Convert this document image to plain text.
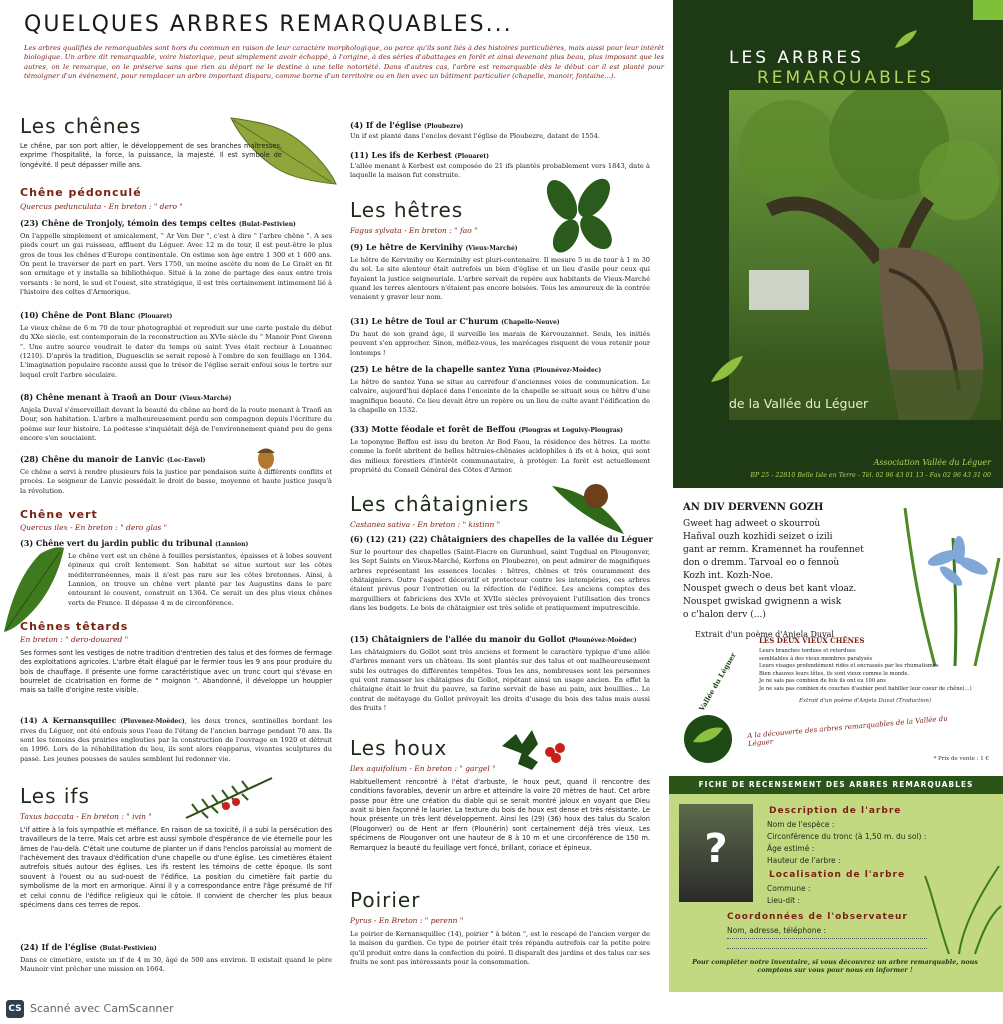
QUELQUES ARBRES REMARQUABLES...
Les arbres qualifiés de remarquables sont hors du commun en raison de leur caractère morphologique, ou parce qu'ils sont liés à des histoires particulières, mais aussi pour leur intérêt biologique. Un arbre dit remarquable, voire historique, peut simplement avoir échappé, à l'origine, à des séries d'abattages en forêt et ainsi devenant plus beau, plus imposant que les autres, on le remarque, on le préserve sans que rien au départ ne le destine à une telle notoriété. Dans d'autres cas, l'arbre est remarquable dès le début car il est planté pour témoigner d'un événement, pour remplacer un arbre important disparu, comme borne d'un territoire ou en lien avec un bâtiment particulier (chapelle, manoir, fontaine...).
Les chênes
Le chêne, par son port altier, le développement de ses branches maîtresses, exprime l'hospitalité, la force, la puissance, la majesté. Il est symbole de longévité. Il peut dépasser mille ans.
Chêne pédonculé
Quercus pedunculata - En breton : " dero "
(23) Chêne de Tronjoly, témoin des temps celtes (Bulat-Pestivien)
On l'appelle simplement et amicalement, " Ar Ven Der ", c'est à dire " l'arbre chêne ". A ses pieds court un gai ruisseau, affluent du Léguer. Avec 12 m de tour, il est peut-être le plus gros de tous les chênes d'Europe continentale. On estime son âge entre 1 300 et 1 600 ans. On peut le traverser de part en part. Vers 1750, un moine ascète du nom de Le Graët en fit son ermitage et y installa sa bibliothèque. Situé à la zone de partage des eaux entre trois versants : le nord, le sud et l'ouest, site stratégique, il est très certainement intimement lié à l'histoire des celtes d'Armorique.
(10) Chêne de Pont Blanc (Plouaret)
Le vieux chêne de 6 m 70 de tour photographié et reproduit sur une carte postale du début du XXe siècle, est contemporain de la reconstruction au XVIe siècle du " Manoir Pont Gwenn ". Une autre source voudrait le dater du temps où saint Yves était recteur à Louannec (1210). D'après la tradition, Duguesclin se serait reposé à l'ombre de son feuillage en 1364. L'imagination populaire raconte aussi que le trésor de l'église serait enfoui sous le tertre sur lequel croît l'arbre séculaire.
(8) Chêne menant à Traoñ an Dour (Vieux-Marché)
Anjela Duval s'émerveillait devant la beauté du chêne au bord de la route menant à Traoñ an Dour, son habitation. L'arbre a malheureusement perdu son compagnon depuis l'écriture du poème sur leur histoire. La poétesse s'inquiétait déjà de l'environnement quand peu de gens encore s'en souciaient.
(28) Chêne du manoir de Lanvic (Loc-Envel)
Ce chêne a servi à rendre plusieurs fois la justice par pendaison suite à différents conflits et procès. Le seigneur de Lanvic possédait le droit de basse, moyenne et haute justice jusqu'à la révolution.
Chêne vert
Quercus ilex - En breton : " dero glas "
(3) Chêne vert du jardin public du tribunal (Lannion)
Le chêne vert est un chêne à feuilles persistantes, épaisses et à lobes souvent épineux qui croît lentement. Son habitat se situe surtout sur les côtes méditerranéennes, mais il n'est pas rare sur les côtes bretonnes. Ainsi, à Lannion, on trouve un chêne vert planté par les Augustins dans le parc entourant le couvent, construit en 1364. Ce serait un des plus vieux chênes verts de France. Il dépasse 4 m de circonférence.
Chênes têtards
En breton : " dero-douared "
Ses formes sont les vestiges de notre tradition d'entretien des talus et des formes de fermage des exploitations agricoles. L'arbre était élagué par le fermier tous les 9 ans pour produire du bois de chauffage. Il présente une forme caractéristique avec un tronc court qui s'évase en bourrelet de cicatrisation en forme de " moignon ". Abandonné, il développe un houppier mais sa taille d'origine reste visible.
(14) A Kernansquillec (Pluvenez-Moëdec), les deux troncs, sentinelles bordant les rives du Léguer, ont été enfouis sous l'eau de l'étang de l'ancien barrage pendant 70 ans. Ils sont les témoins des prairies englouties par la construction de l'ouvrage en 1920 et détruit en 1996. Lors de la réhabilitation du lieu, ils sont alors réapparus, vivantes sculptures du passé. Les jeunes pousses de saules semblent lui redonner vie.
Les ifs
Taxus baccata - En breton : " ivin "
L'if attire à la fois sympathie et méfiance. En raison de sa toxicité, il a subi la persécution des travailleurs de la terre. Mais cet arbre est aussi symbole d'espérance de vie éternelle pour les âmes de l'au-delà. C'était une coutume de planter un if dans l'enclos paroissial au moment de l'achèvement des travaux d'édification d'une chapelle ou d'une église. Les cimetières étaient autrefois situés autour des églises. Les ifs restent les témoins de cette époque. Ils sont souvent à l'ouest ou au sud-ouest de l'édifice. La position du cimetière fait partie du symbolisme de la mort en armorique. Ainsi il y a correspondance entre l'âge présumé de l'if et celui connu de l'édifice religieux qui le côtoie. Il convient de chercher les plus beaux spécimens dans ces terres de repos.
(24) If de l'église (Bulat-Pestivien)
Dans ce cimetière, existe un if de 4 m 30, âgé de 500 ans environ. Il existait quand le père Maunoir vint prêcher une mission en 1664.
(4) If de l'église (Ploubezre)
Un if est planté dans l'enclos devant l'église de Ploubezre, datant de 1554.
(11) Les ifs de Kerbest (Plouaret)
L'allée menant à Kerbest est composée de 21 ifs plantés probablement vers 1843, date à laquelle la maison fut construite.
Les hêtres
Fagus sylvata - En breton : " fao "
(9) Le hêtre de Kervinihy (Vieux-Marché)
Le hêtre de Kervinihy ou Kerminihy est pluri-centenaire. Il mesure 5 m de tour à 1 m 30 du sol. Le site alentour était autrefois un bien d'église et un lieu d'asile pour ceux qui fuyaient la justice seigneuriale. L'arbre servait de repère aux habitants de Vieux-Marché quand les terres alentours n'étaient pas encore boisées. Tous les amoureux de la contrée venaient y graver leur nom.
(31) Le hêtre de Toul ar C'hurum (Chapelle-Neuve)
Du haut de son grand âge, il surveille les marais de Kervouzannet. Seuls, les initiés peuvent s'en approcher. Sinon, méfiez-vous, les marécages risquent de vous retenir pour lontemps !
(25) Le hêtre de la chapelle santez Yuna (Plounévez-Moëdec)
Le hêtre de santez Yuna se situe au carrefour d'anciennes voies de communication. Le calvaire, aujourd'hui déplacé dans l'enceinte de la chapelle se situait sous ce hêtre d'une magnifique beauté. Ce lieu devait être un repère ou un lieu de culte avant l'édification de la chapelle en 1532.
(33) Motte féodale et forêt de Beffou (Plougras et Loguivy-Plougras)
Le toponyme Beffou est issu du breton Ar Bod Faou, la résidence des hêtres. La motte comme la forêt abritent de belles hêtraies-chênaies acidophiles à ifs et à houx, qui sont des milieux forestiers d'intérêt communautaire, à protéger. La forêt est actuellement propriété du Conseil Général des Côtes d'Armor.
Les châtaigniers
Castanea sativa - En breton : " kistinn "
(6) (12) (21) (22) Châtaigniers des chapelles de la vallée du Léguer
Sur le pourtour des chapelles (Saint-Fiacre en Gurunhuel, saint Tugdual en Plougonver, les Sept Saints en Vieux-Marché, Kerfons en Ploubezre), on peut admirer de magnifiques arbres représentant les essences locales : hêtres, chênes et très couramment des châtaigniers. Outre l'aspect décoratif et protecteur contre les intempéries, ces arbres étaient prévus pour l'entretien ou la réfection de l'édifice. Les anciens comptes des marguilliers et fabriciens des XVIe et XVIIe siècles prévoyaient l'utilisation des troncs dans les budgets. Le bois de châtaignier est très solide et pratiquement imputrescible.
(15) Châtaigniers de l'allée du manoir du Gollot (Plounévez-Moëdec)
Les châtaigniers du Gollot sont très anciens et forment le caractère typique d'une allée d'arbres menant vers un château. Ils sont plantés sur des talus et ont malheureusement subi les outrages de différentes tempêtes. Tous les ans, nombreuses sont les personnes qui vont ramasser les châtaignes du Gollot, répétant ainsi un usage ancien. En effet la châtaigne était le fruit du pauvre, sa farine servait de base au pain, aux bouillies... Le contrat de métayage du Gollot prévoyait les droits d'usage du bois des talus mais aussi des fruits !
Les houx
Ilex aquifolium - En breton : " gargel "
Habituellement rencontré à l'état d'arbuste, le houx peut, quand il rencontre des conditions favorables, devenir un arbre et atteindre la voire 20 mètres de haut. Cet arbre passe pour être une création du diable qui se serait montré jaloux en voyant que Dieu avait si bien façonné le laurier. La texture du bois de houx est dense et très résistante. Le houx présente un très lent développement. Ainsi les (29) (36) houx des talus du Scalon (Plougonver) ou de Hent ar Ifern (Plounérin) sont certainement déjà très vieux. Les spécimens de Plougonver ont une hauteur de 8 à 10 m et une circonférence de 150 m. Remarquez la beauté du feuillage vert foncé, brillant, coriace et épineux.
Poirier
Pyrus - En Breton : " perenn "
Le poirier de Kernansquillec (14), poirier " à béton ", est le rescapé de l'ancien verger de la maison du gardien. Ce type de poirier était très répandu autrefois car la petite poire qu'il produit entre dans la confection du poiré. Il disparaît des jardins et des talus car ses fruits ne sont pas intéressants pour la consommation.
LES ARBRES
REMARQUABLES
de la Vallée du Léguer
Association Vallée du Léguer
BP 25 - 22810 Belle Isle en Terre - Tél. 02 96 43 01 13 - Fax 02 96 43 31 00
AN DIV DERVENN GOZH
Gweet hag adweet o skourroù
Hañval ouzh kozhidi seizet o izili
gant ar remm. Kramennet ha roufennet
don o dremm. Tarvoal eo o fennoù
Kozh int. Kozh-Noe.
Nouspet gwech o deus bet kant vloaz.
Nouspet gwiskad gwignenn a wisk
o c'halon derv (...)
Extrait d'un poème d'Anjela Duval
LES DEUX VIEUX CHÊNES
Leurs branches tordues et retordues
semblables à des vieux membres paralysés
Leurs visages profondément ridés et encrassés par les rhumatismes
Bien chauves leurs têtes, ils sont vieux comme le monde.
Je ne sais pas combien de fois ils ont eu 100 ans
Je ne sais pas combien de couches d'aubier peut habiller leur coeur de chêne(...)
Extrait d'un poème d'Anjela Duval (Traduction)
Vallée du Léguer
A la découverte des arbres remarquables de la Vallée du Léguer
* Prix de vente : 1 €
FICHE DE RECENSEMENT DES ARBRES REMARQUABLES
?
Description de l'arbre
Nom de l'espèce :
Circonférence du tronc (à 1,50 m. du sol) :
Âge estimé :
Hauteur de l'arbre :
Localisation de l'arbre
Commune :
Lieu-dit :
Coordonnées de l'observateur
Nom, adresse, téléphone :
Pour compléter notre inventaire, si vous découvrez un arbre remarquable, nous comptons sur vous pour nous en informer !
CS Scanné avec CamScanner
